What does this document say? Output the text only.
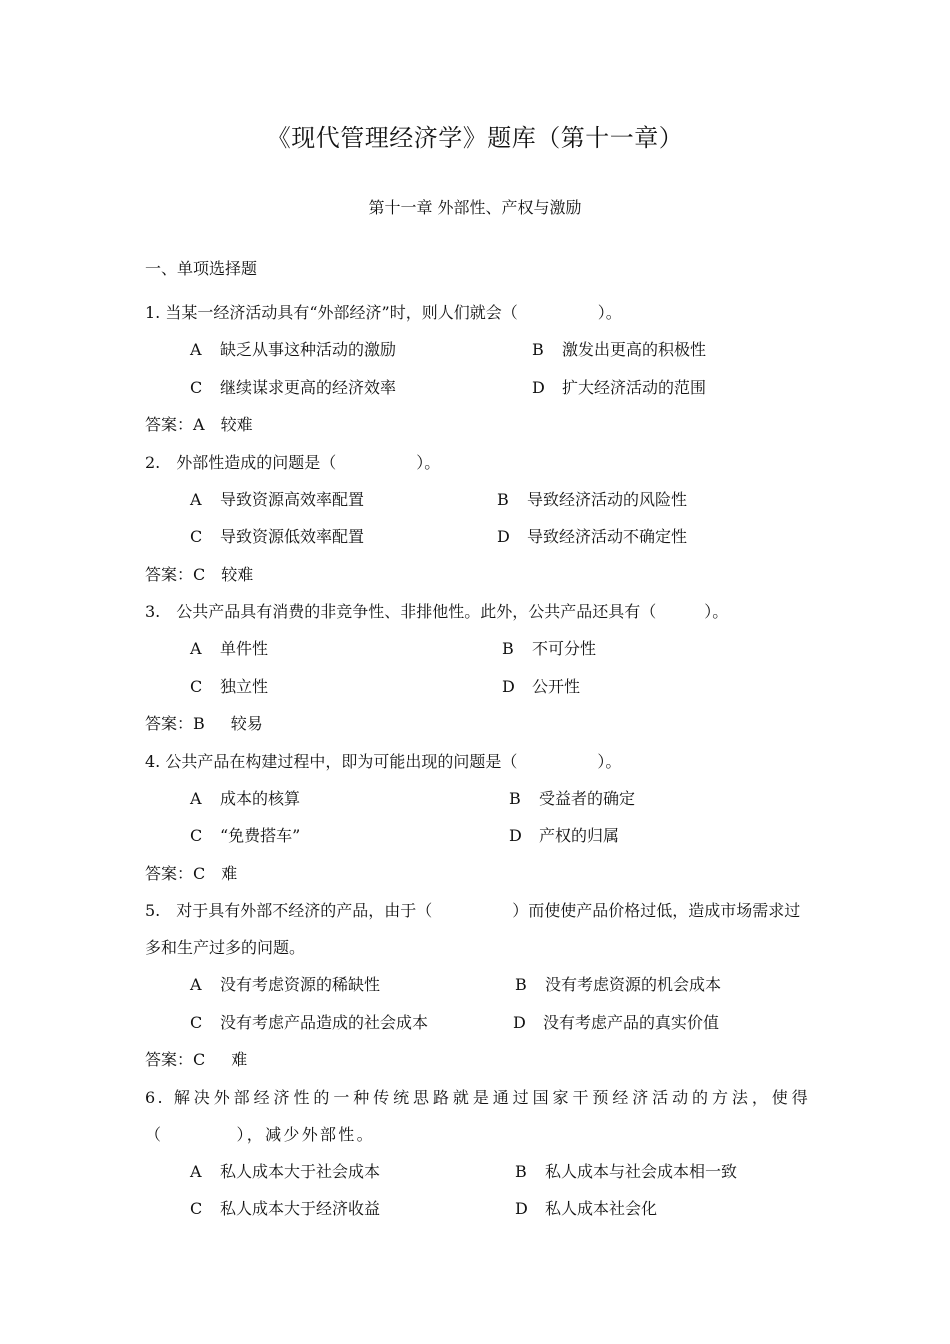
《现代管理经济学》题库（第十一章）
第十一章 外部性、产权与激励
一、单项选择题

1. 当某一经济活动具有“外部经济”时，则人们就会（　　　　　）。

A 缺乏从事这种活动的激励	B 激发出更高的积极性
C 继续谋求更高的经济效率	D 扩大经济活动的范围

答案：A 较难

2.　外部性造成的问题是（　　　　　）。

A 导致资源高效率配置	B 导致经济活动的风险性
C 导致资源低效率配置	D 导致经济活动不确定性

答案：C 较难

3.　公共产品具有消费的非竞争性、非排他性。此外，公共产品还具有（　　　）。

A 单件性	B 不可分性
C 独立性	D 公开性

答案：B 较易

4. 公共产品在构建过程中，即为可能出现的问题是（　　　　　）。

A 成本的核算	B 受益者的确定
C “免费搭车”	D 产权的归属

答案：C 难

5.　对于具有外部不经济的产品，由于（　　　　　）而使使产品价格过低，造成市场需求过多和生产过多的问题。

A 没有考虑资源的稀缺性	B 没有考虑资源的机会成本
C 没有考虑产品造成的社会成本	D 没有考虑产品的真实价值

答案：C 难

6. 解决外部经济性的一种传统思路就是通过国家干预经济活动的方法，使得（　　　　），减少外部性。

A 私人成本大于社会成本	B 私人成本与社会成本相一致
C 私人成本大于经济收益	D 私人成本社会化
